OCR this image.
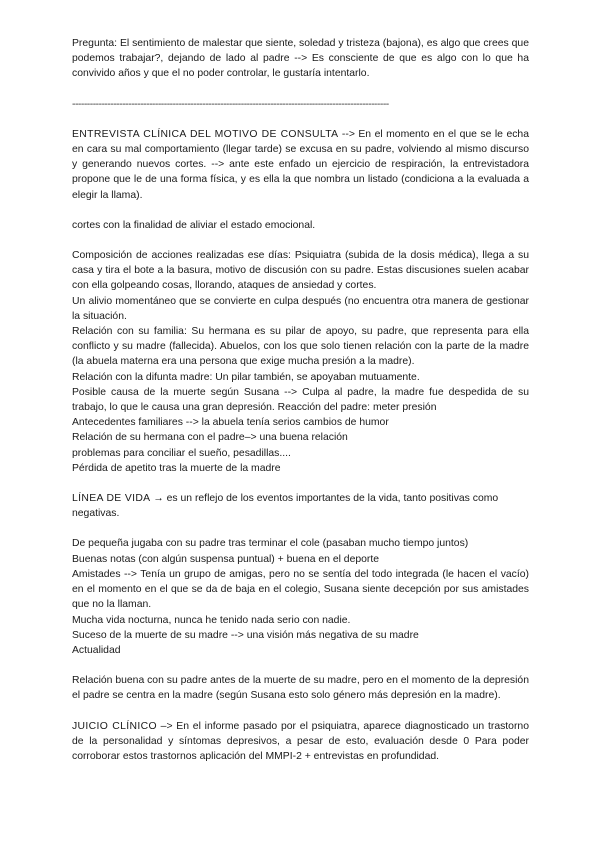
Pregunta: El sentimiento de malestar que siente, soledad y tristeza (bajona), es algo que crees que podemos trabajar?, dejando de lado al padre --> Es consciente de que es algo con lo que ha convivido años y que el no poder controlar, le gustaría intentarlo.

-----------------------------------------------------------------------------------------------------------

ENTREVISTA CLÍNICA DEL MOTIVO DE CONSULTA --> En el momento en el que se le echa en cara su mal comportamiento (llegar tarde) se excusa en su padre, volviendo al mismo discurso y generando nuevos cortes. --> ante este enfado un ejercicio de respiración, la entrevistadora propone que le de una forma física, y es ella la que nombra un listado (condiciona a la evaluada a elegir la llama).

cortes con la finalidad de aliviar el estado emocional.

Composición de acciones realizadas ese días: Psiquiatra (subida de la dosis médica), llega a su casa y tira el bote a la basura, motivo de discusión con su padre. Estas discusiones suelen acabar con ella golpeando cosas, llorando, ataques de ansiedad y cortes.

Un alivio momentáneo que se convierte en culpa después (no encuentra otra manera de gestionar la situación.

Relación con su familia: Su hermana es su pilar de apoyo, su padre, que representa para ella conflicto y su madre (fallecida). Abuelos, con los que solo tienen relación con la parte de la madre (la abuela materna era una persona que exige mucha presión a la madre).

Relación con la difunta madre: Un pilar también, se apoyaban mutuamente.

Posible causa de la muerte según Susana --> Culpa al padre, la madre fue despedida de su trabajo, lo que le causa una gran depresión. Reacción del padre: meter presión

Antecedentes familiares --> la abuela tenía serios cambios de humor

Relación de su hermana con el padre–> una buena relación

problemas para conciliar el sueño, pesadillas....

Pérdida de apetito tras la muerte de la madre

LÍNEA DE VIDA → es un reflejo de los eventos importantes de la vida, tanto positivas como negativas.

De pequeña jugaba con su padre tras terminar el cole (pasaban mucho tiempo juntos)

Buenas notas (con algún suspensa puntual) + buena en el deporte

Amistades --> Tenía un grupo de amigas, pero no se sentía del todo integrada (le hacen el vacío) en el momento en el que se da de baja en el colegio, Susana siente decepción por sus amistades que no la llaman.

Mucha vida nocturna, nunca he tenido nada serio con nadie.

Suceso de la muerte de su madre --> una visión más negativa de su madre

Actualidad

Relación buena con su padre antes de la muerte de su madre, pero en el momento de la depresión el padre se centra en la madre (según Susana esto solo género más depresión en la madre).

JUICIO CLÍNICO –> En el informe pasado por el psiquiatra, aparece diagnosticado un trastorno de la personalidad y síntomas depresivos, a pesar de esto, evaluación desde 0 Para poder corroborar estos trastornos aplicación del MMPI-2 + entrevistas en profundidad.
